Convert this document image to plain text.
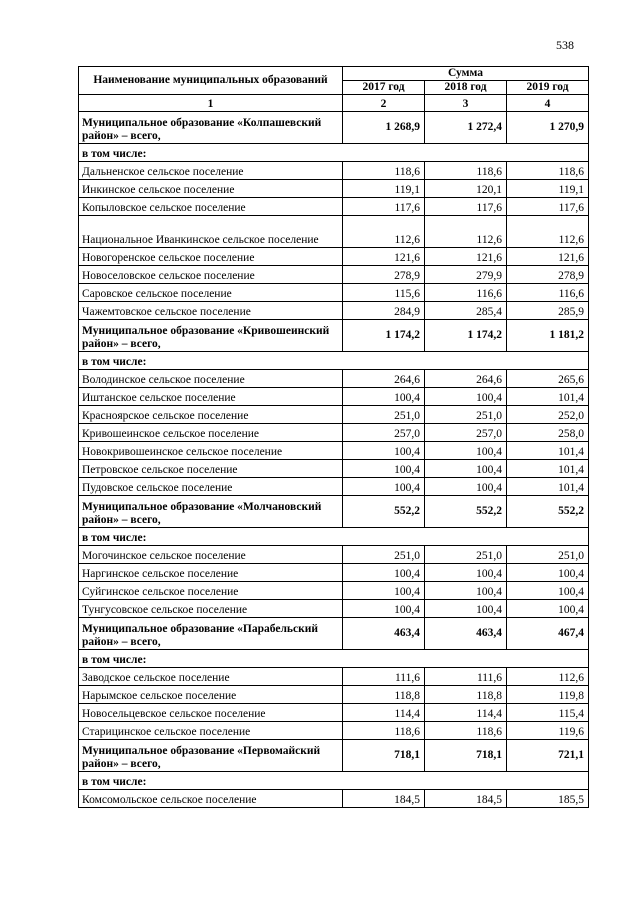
538
Наименование муниципальных образований	Сумма		
	2017 год	2018 год	2019 год
1	2	3	4
Муниципальное образование «Колпашевский район» – всего,	1 268,9	1 272,4	1 270,9
в том числе:			
Дальненское сельское поселение	118,6	118,6	118,6
Инкинское сельское поселение	119,1	120,1	119,1
Копыловское сельское поселение	117,6	117,6	117,6
Национальное Иванкинское сельское поселение	112,6	112,6	112,6
Новогоренское сельское поселение	121,6	121,6	121,6
Новоселовское сельское поселение	278,9	279,9	278,9
Саровское сельское поселение	115,6	116,6	116,6
Чажемтовское сельское поселение	284,9	285,4	285,9
Муниципальное образование «Кривошеинский район» – всего,	1 174,2	1 174,2	1 181,2
в том числе:			
Володинское сельское поселение	264,6	264,6	265,6
Иштанское сельское поселение	100,4	100,4	101,4
Красноярское сельское поселение	251,0	251,0	252,0
Кривошеинское сельское поселение	257,0	257,0	258,0
Новокривошеинское сельское поселение	100,4	100,4	101,4
Петровское сельское поселение	100,4	100,4	101,4
Пудовское сельское поселение	100,4	100,4	101,4
Муниципальное образование «Молчановский район» – всего,	552,2	552,2	552,2
в том числе:			
Могочинское сельское поселение	251,0	251,0	251,0
Наргинское сельское поселение	100,4	100,4	100,4
Суйгинское сельское поселение	100,4	100,4	100,4
Тунгусовское сельское поселение	100,4	100,4	100,4
Муниципальное образование «Парабельский район» – всего,	463,4	463,4	467,4
в том числе:			
Заводское сельское поселение	111,6	111,6	112,6
Нарымское сельское поселение	118,8	118,8	119,8
Новосельцевское сельское поселение	114,4	114,4	115,4
Старицинское сельское поселение	118,6	118,6	119,6
Муниципальное образование «Первомайский район» – всего,	718,1	718,1	721,1
в том числе:			
Комсомольское сельское поселение	184,5	184,5	185,5
